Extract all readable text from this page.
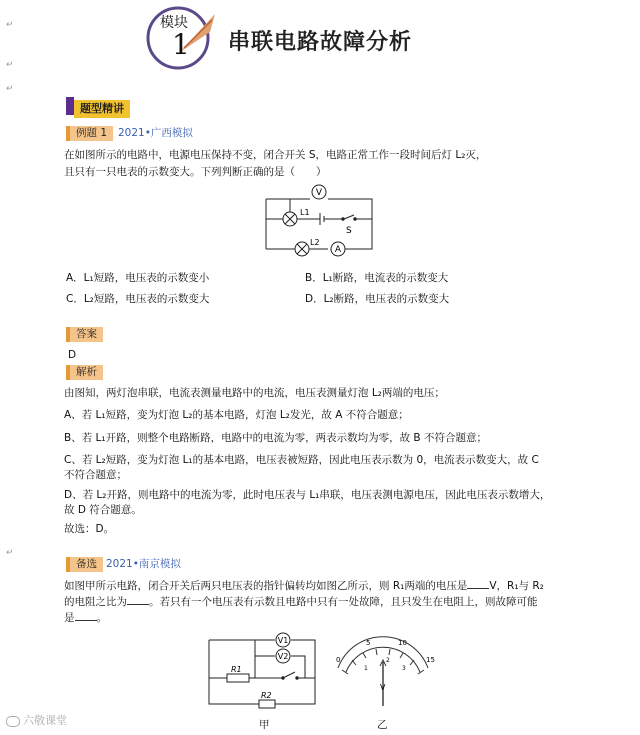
↵
↵
↵
↵
模块
1 串联电路故障分析
题型精讲
例题 1	2021•广西模拟
在如图所示的电路中，电源电压保持不变，闭合开关 S，电路正常工作一段时间后灯 L₂灭，
且只有一只电表的示数变大。下列判断正确的是（　　）
V
A
L1
L2
S
A．L₁短路，电压表的示数变小	B．L₁断路，电流表的示数变大
C．L₂短路，电压表的示数变大	D．L₂断路，电压表的示数变大
答案
D
解析
由图知，两灯泡串联，电流表测量电路中的电流，电压表测量灯泡 L₂两端的电压；
A、若 L₁短路，变为灯泡 L₂的基本电路，灯泡 L₂发光，故 A 不符合题意；
B、若 L₁开路，则整个电路断路，电路中的电流为零，两表示数均为零，故 B 不符合题意；
C、若 L₂短路，变为灯泡 L₁的基本电路，电压表被短路，因此电压表示数为 0，电流表示数变大，故 C
不符合题意；
D、若 L₂开路，则电路中的电流为零，此时电压表与 L₁串联，电压表测电源电压，因此电压表示数增大，
故 D 符合题意。
故选：D。
备选 2021•南京模拟
如图甲所示电路，闭合开关后两只电压表的指针偏转均如图乙所示，则 R₁两端的电压是 V，R₁与 R₂
的电阻之比为 。若只有一个电压表有示数且电路中只有一处故障，且只发生在电阻上，则故障可能
是 。
V1
V2
R1
R2
0
5	10
15
1
2
3
V
甲	乙
六敬课堂
